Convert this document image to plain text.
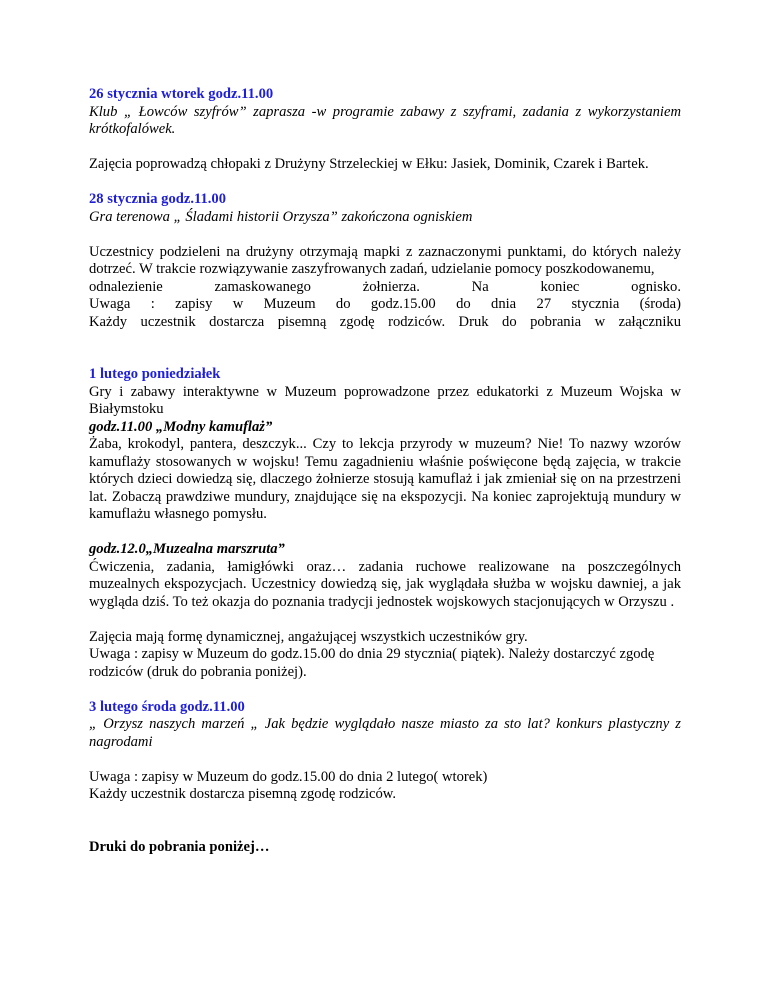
26 stycznia wtorek godz.11.00

Klub „ Łowców szyfrów” zaprasza -w programie zabawy z szyframi, zadania z wykorzystaniem krótkofalówek.

Zajęcia poprowadzą chłopaki z Drużyny Strzeleckiej w Ełku: Jasiek, Dominik, Czarek i Bartek.

28 stycznia godz.11.00

Gra terenowa „ Śladami historii Orzysza” zakończona ogniskiem

Uczestnicy podzieleni na drużyny otrzymają mapki z zaznaczonymi punktami, do których należy dotrzeć. W trakcie rozwiązywanie zaszyfrowanych zadań, udzielanie pomocy poszkodowanemu,

odnalezienie zamaskowanego żołnierza. Na koniec ognisko.

Uwaga : zapisy w Muzeum do godz.15.00 do dnia 27 stycznia (środa)

Każdy uczestnik dostarcza pisemną zgodę rodziców. Druk do pobrania w załączniku

1 lutego poniedziałek

Gry i zabawy interaktywne w Muzeum poprowadzone przez edukatorki z Muzeum Wojska w Białymstoku

godz.11.00 „Modny kamuflaż”

Żaba, krokodyl, pantera, deszczyk... Czy to lekcja przyrody w muzeum? Nie! To nazwy wzorów kamuflaży stosowanych w wojsku! Temu zagadnieniu właśnie poświęcone będą zajęcia, w trakcie których dzieci dowiedzą się, dlaczego żołnierze stosują kamuflaż i jak zmieniał się on na przestrzeni lat. Zobaczą prawdziwe mundury, znajdujące się na ekspozycji. Na koniec zaprojektują mundury w kamuflażu własnego pomysłu.

godz.12.0„Muzealna marszruta”

Ćwiczenia, zadania, łamigłówki oraz… zadania ruchowe realizowane na poszczególnych muzealnych ekspozycjach. Uczestnicy dowiedzą się, jak wyglądała służba w wojsku dawniej, a jak wygląda dziś. To też okazja do poznania tradycji jednostek wojskowych stacjonujących w Orzyszu .

Zajęcia mają formę dynamicznej, angażującej wszystkich uczestników gry.

Uwaga : zapisy w Muzeum do godz.15.00 do dnia 29 stycznia( piątek). Należy dostarczyć zgodę rodziców (druk do pobrania poniżej).

3 lutego środa godz.11.00

„ Orzysz naszych marzeń „ Jak będzie wyglądało nasze miasto za sto lat? konkurs plastyczny z nagrodami

Uwaga : zapisy w Muzeum do godz.15.00 do dnia 2 lutego( wtorek)

Każdy uczestnik dostarcza pisemną zgodę rodziców.

Druki do pobrania poniżej…
